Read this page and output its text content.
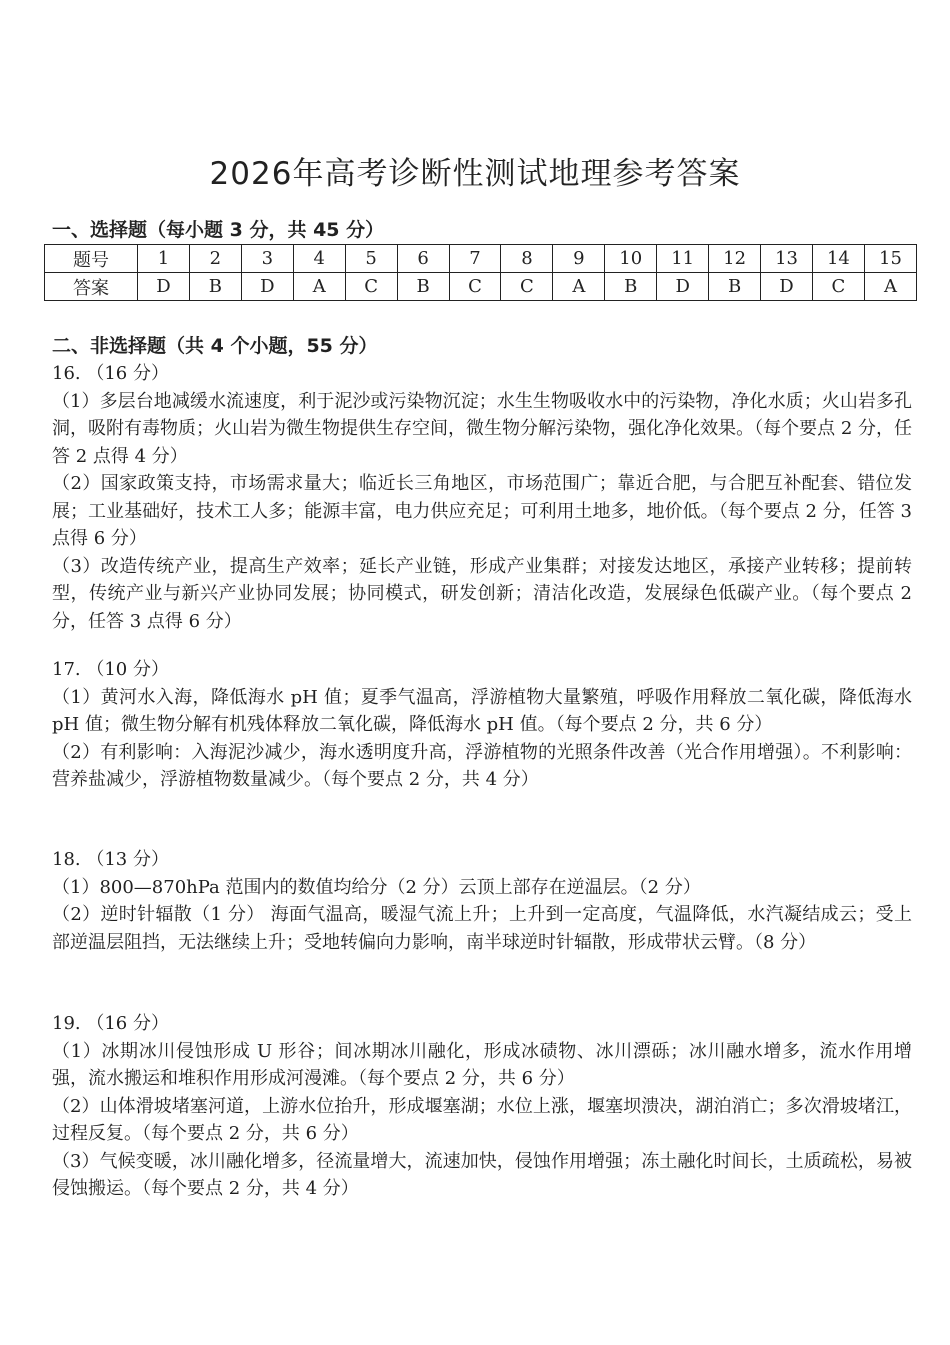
2026年高考诊断性测试地理参考答案
一、选择题（每小题 3 分，共 45 分）
题号	1	2	3	4	5	6	7	8	9	10	11	12	13	14	15
答案	D	B	D	A	C	B	C	C	A	B	D	B	D	C	A
二、非选择题（共 4 个小题，55 分）
16. （16 分）
（1）多层台地减缓水流速度，利于泥沙或污染物沉淀；水生生物吸收水中的污染物，净化水质；火山岩多孔洞，吸附有毒物质；火山岩为微生物提供生存空间，微生物分解污染物，强化净化效果。（每个要点 2 分，任答 2 点得 4 分）
（2）国家政策支持，市场需求量大；临近长三角地区，市场范围广；靠近合肥，与合肥互补配套、错位发展；工业基础好，技术工人多；能源丰富，电力供应充足；可利用土地多，地价低。（每个要点 2 分，任答 3 点得 6 分）
（3）改造传统产业，提高生产效率；延长产业链，形成产业集群；对接发达地区，承接产业转移；提前转型，传统产业与新兴产业协同发展；协同模式，研发创新；清洁化改造，发展绿色低碳产业。（每个要点 2 分，任答 3 点得 6 分）
17. （10 分）
（1）黄河水入海，降低海水 pH 值；夏季气温高，浮游植物大量繁殖，呼吸作用释放二氧化碳，降低海水 pH 值；微生物分解有机残体释放二氧化碳，降低海水 pH 值。（每个要点 2 分，共 6 分）
（2）有利影响：入海泥沙减少，海水透明度升高，浮游植物的光照条件改善（光合作用增强）。不利影响：营养盐减少，浮游植物数量减少。（每个要点 2 分，共 4 分）
18. （13 分）
（1）800—870hPa 范围内的数值均给分（2 分）云顶上部存在逆温层。（2 分）
（2）逆时针辐散（1 分） 海面气温高，暖湿气流上升；上升到一定高度，气温降低，水汽凝结成云；受上部逆温层阻挡，无法继续上升；受地转偏向力影响，南半球逆时针辐散，形成带状云臂。（8 分）
19. （16 分）
（1）冰期冰川侵蚀形成 U 形谷；间冰期冰川融化，形成冰碛物、冰川漂砾；冰川融水增多，流水作用增强，流水搬运和堆积作用形成河漫滩。（每个要点 2 分，共 6 分）
（2）山体滑坡堵塞河道，上游水位抬升，形成堰塞湖；水位上涨，堰塞坝溃决，湖泊消亡；多次滑坡堵江，过程反复。（每个要点 2 分，共 6 分）
（3）气候变暖，冰川融化增多，径流量增大，流速加快，侵蚀作用增强；冻土融化时间长，土质疏松，易被侵蚀搬运。（每个要点 2 分，共 4 分）
